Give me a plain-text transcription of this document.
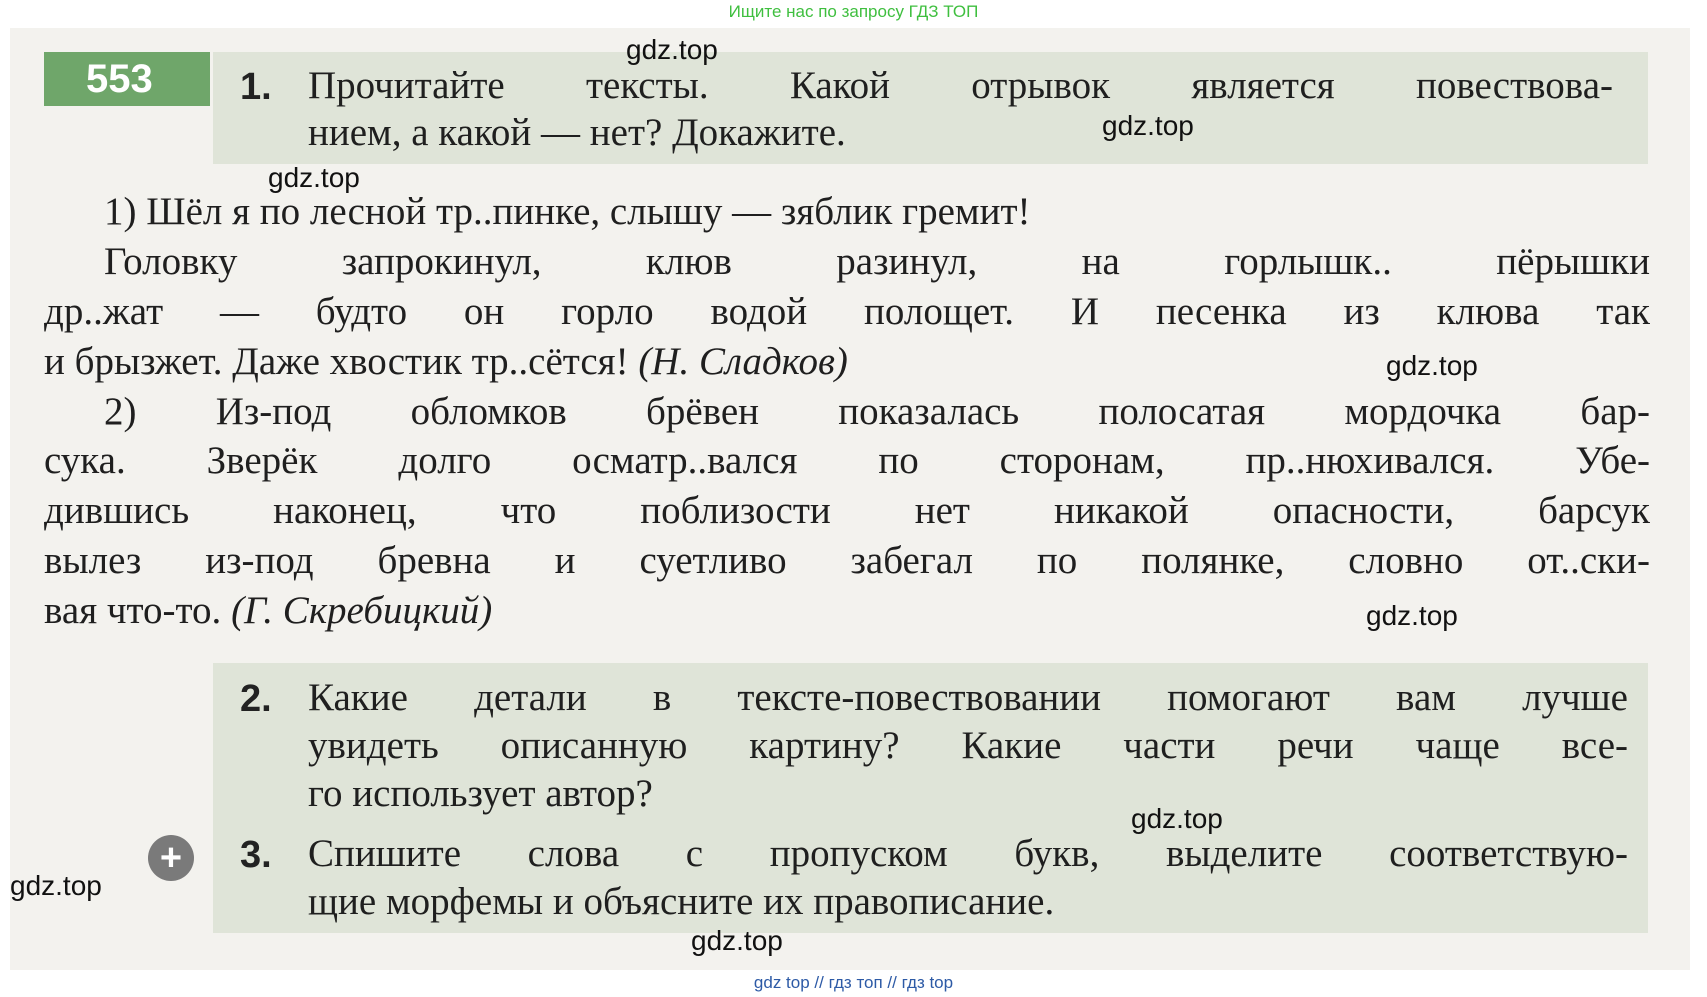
Ищите нас по запросу ГДЗ ТОП
553	1. Прочитайте тексты. Какой отрывок является повествова-
нием, а какой — нет? Докажите.
1) Шёл я по лесной тр..пинке, слышу — зяблик гремит!
Головку запрокинул, клюв разинул, на горлышк.. пёрышки
др..жат — будто он горло водой полощет. И песенка из клюва так
и брызжет. Даже хвостик тр..сётся! (Н. Сладков)
2) Из-под обломков брёвен показалась полосатая мордочка бар-
сука. Зверёк долго осматр..вался по сторонам, пр..нюхивался. Убе-
дившись наконец, что поблизости нет никакой опасности, барсук
вылез из-под бревна и суетливо забегал по полянке, словно от..ски-
вая что-то. (Г. Скребицкий)
2. Какие детали в тексте-повествовании помогают вам лучше
увидеть описанную картину? Какие части речи чаще все-
го использует автор?
+	3. Спишите слова с пропуском букв, выделите соответствую-
щие морфемы и объясните их правописание.
gdz.top
gdz.top
gdz.top
gdz.top
gdz.top
gdz.top
gdz.top
gdz.top
gdz top // гдз топ // гдз top
